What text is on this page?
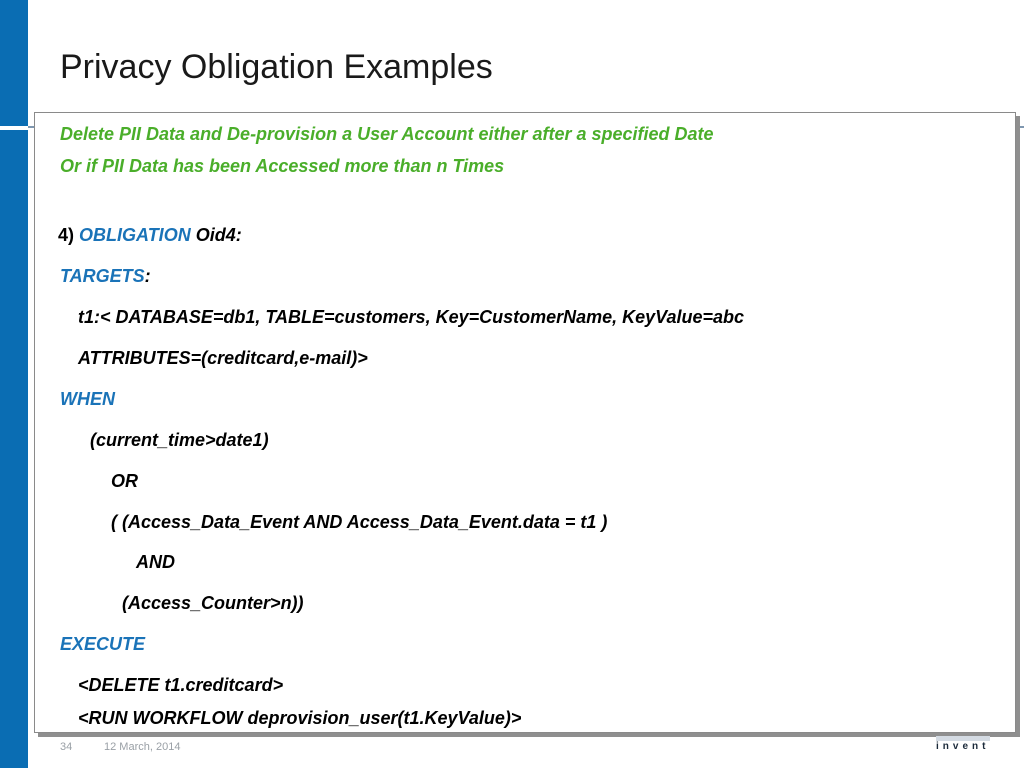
Privacy Obligation Examples
Delete PII Data and De-provision a User Account either after a specified Date
Or if PII Data has been Accessed more than n Times
4) OBLIGATION Oid4:
TARGETS:
t1:< DATABASE=db1, TABLE=customers, Key=CustomerName, KeyValue=abc
ATTRIBUTES=(creditcard,e-mail)>
WHEN
(current_time>date1)
OR
( (Access_Data_Event AND Access_Data_Event.data = t1 )
AND
(Access_Counter>n))
EXECUTE
<DELETE t1.creditcard>
<RUN WORKFLOW deprovision_user(t1.KeyValue)>
34	12 March, 2014	invent
